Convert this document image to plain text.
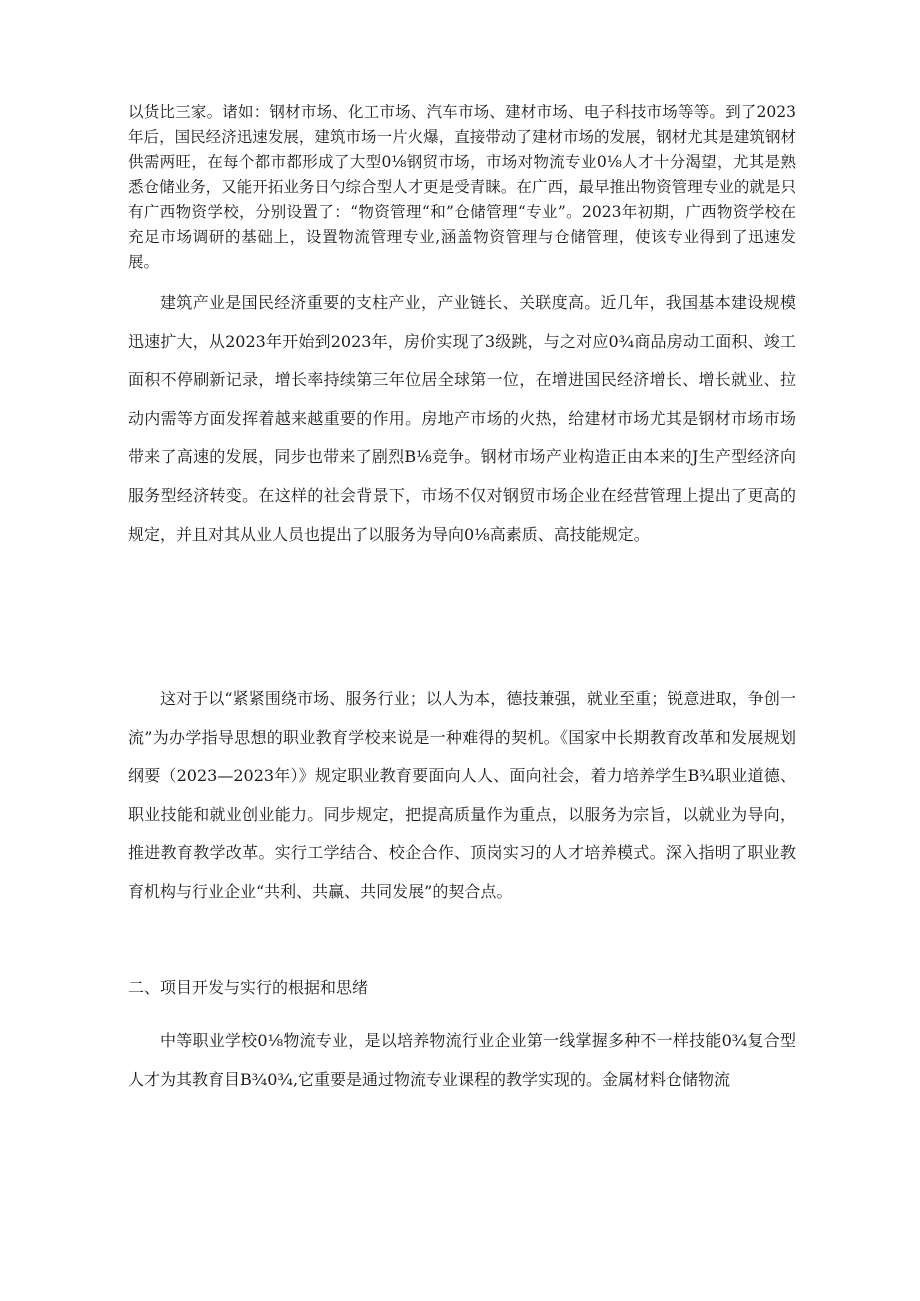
以货比三家。诸如：钢材市场、化工市场、汽车市场、建材市场、电子科技市场等等。到了2023年后，国民经济迅速发展，建筑市场一片火爆，直接带动了建材市场的发展，钢材尤其是建筑钢材供需两旺，在每个都市都形成了大型0⅛钢贸市场，市场对物流专业0⅛人才十分渴望，尤其是熟悉仓储业务，又能开拓业务日勺综合型人才更是受青睐。在广西，最早推出物资管理专业的就是只有广西物资学校，分别设置了：“物资管理“和”仓储管理“专业”。2023年初期，广西物资学校在充足市场调研的基础上，设置物流管理专业,涵盖物资管理与仓储管理，使该专业得到了迅速发展。

建筑产业是国民经济重要的支柱产业，产业链长、关联度高。近几年，我国基本建设规模迅速扩大，从2023年开始到2023年，房价实现了3级跳，与之对应0¾商品房动工面积、竣工面积不停刷新记录，增长率持续第三年位居全球第一位，在增进国民经济增长、增长就业、拉动内需等方面发挥着越来越重要的作用。房地产市场的火热，给建材市场尤其是钢材市场市场带来了高速的发展，同步也带来了剧烈B⅛竞争。钢材市场产业构造正由本来的J生产型经济向服务型经济转变。在这样的社会背景下，市场不仅对钢贸市场企业在经营管理上提出了更高的规定，并且对其从业人员也提出了以服务为导向0⅛高素质、高技能规定。

这对于以“紧紧围绕市场、服务行业；以人为本，德技兼强，就业至重；锐意进取，争创一流”为办学指导思想的职业教育学校来说是一种难得的契机。《国家中长期教育改革和发展规划纲要（2023—2023年）》规定职业教育要面向人人、面向社会，着力培养学生B¾职业道德、职业技能和就业创业能力。同步规定，把提高质量作为重点，以服务为宗旨，以就业为导向，推进教育教学改革。实行工学结合、校企合作、顶岗实习的人才培养模式。深入指明了职业教育机构与行业企业“共利、共赢、共同发展”的契合点。

二、项目开发与实行的根据和思绪

中等职业学校0⅛物流专业，是以培养物流行业企业第一线掌握多种不一样技能0¾复合型人才为其教育目B¾0¾,它重要是通过物流专业课程的教学实现的。金属材料仓储物流
